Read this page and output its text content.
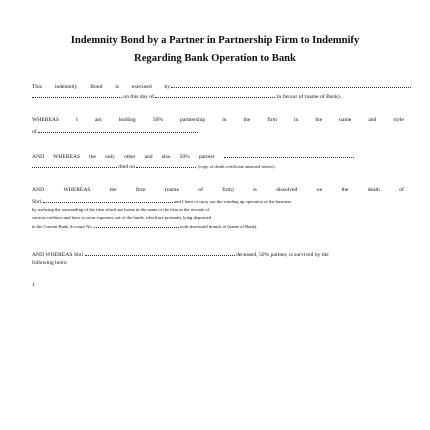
Indemnity Bond by a Partner in Partnership Firm to Indemnify
Regarding Bank Operation to Bank
This indemnity Bond is executed by
on this day of	in favour of (name of Bank).
WHEREAS	I	am	holding	50%	partnership	in	the	firm	in	the	name	and	style
of
AND WHEREAS the only other and also 50% partner
died on	(copy of death certificate annexed hereto).
AND	WHEREAS	the	firm	(name	of	firm)	is	dissolved	on	the	death	of
Shri	and I have to carry out the winding up operation of the business
by realizing the outstanding of the firm which are borne in the name of the firm in the records of
various creditors and have to incur expenses out of the funds, which are presently lying deposited
in the Current Bank Account No.	with abovesaid branch of (name of Bank).
AND WHEREAS Shri	deceased, 50% partner, is survived by the
following heirs:
1
